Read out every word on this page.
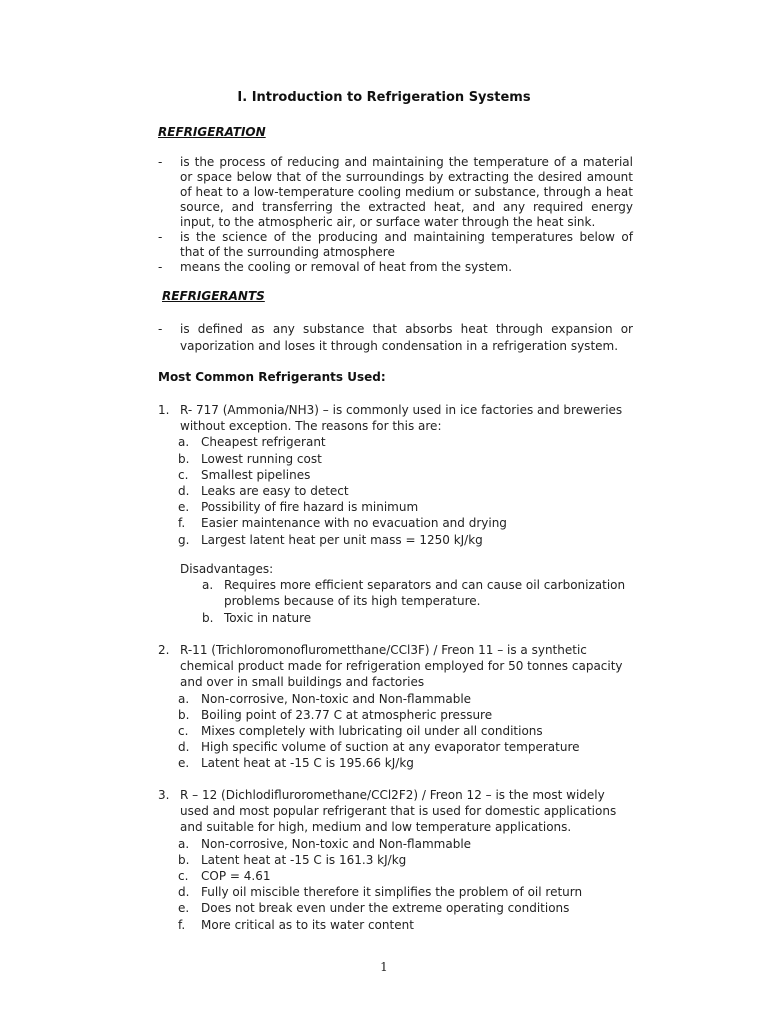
I. Introduction to Refrigeration Systems
REFRIGERATION
- is the process of reducing and maintaining the temperature of a material or space below that of the surroundings by extracting the desired amount of heat to a low-temperature cooling medium or substance, through a heat source, and transferring the extracted heat, and any required energy input, to the atmospheric air, or surface water through the heat sink.
- is the science of the producing and maintaining temperatures below of that of the surrounding atmosphere
- means the cooling or removal of heat from the system.
REFRIGERANTS
- is defined as any substance that absorbs heat through expansion or vaporization and loses it through condensation in a refrigeration system.
Most Common Refrigerants Used:
1. R- 717 (Ammonia/NH3) – is commonly used in ice factories and breweries without exception. The reasons for this are:
a. Cheapest refrigerant
b. Lowest running cost
c. Smallest pipelines
d. Leaks are easy to detect
e. Possibility of fire hazard is minimum
f. Easier maintenance with no evacuation and drying
g. Largest latent heat per unit mass = 1250 kJ/kg
Disadvantages:
a. Requires more efficient separators and can cause oil carbonization problems because of its high temperature.
b. Toxic in nature
2. R-11 (Trichloromonoflurometthane/CCl3F) / Freon 11 – is a synthetic chemical product made for refrigeration employed for 50 tonnes capacity and over in small buildings and factories
a. Non-corrosive, Non-toxic and Non-flammable
b. Boiling point of 23.77 C at atmospheric pressure
c. Mixes completely with lubricating oil under all conditions
d. High specific volume of suction at any evaporator temperature
e. Latent heat at -15 C is 195.66 kJ/kg
3. R – 12 (Dichlodifluroromethane/CCl2F2) / Freon 12 – is the most widely used and most popular refrigerant that is used for domestic applications and suitable for high, medium and low temperature applications.
a. Non-corrosive, Non-toxic and Non-flammable
b. Latent heat at -15 C is 161.3 kJ/kg
c. COP = 4.61
d. Fully oil miscible therefore it simplifies the problem of oil return
e. Does not break even under the extreme operating conditions
f. More critical as to its water content
1
